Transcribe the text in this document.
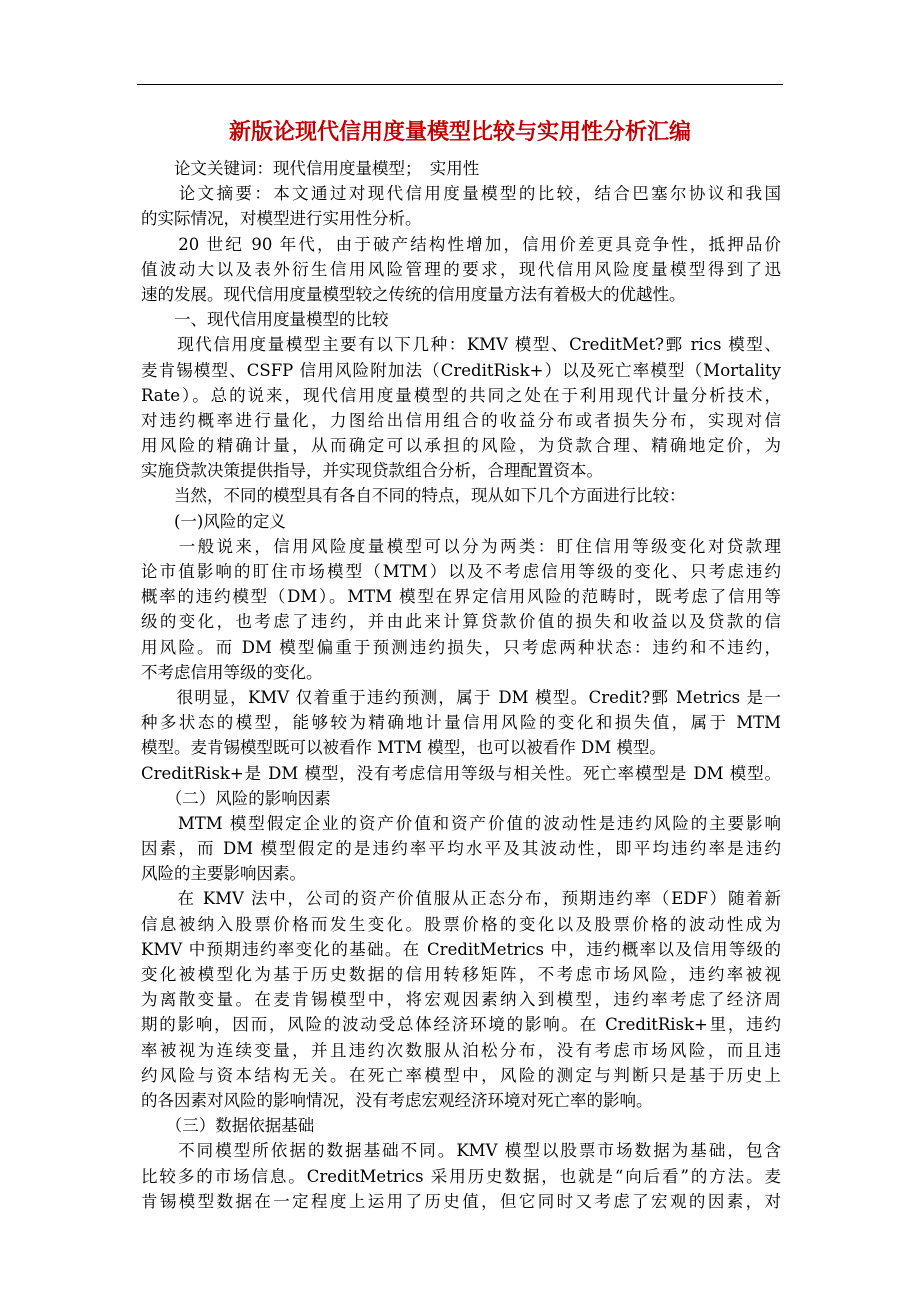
新版论现代信用度量模型比较与实用性分析汇编
　　论文关键词：现代信用度量模型；　实用性
　　论文摘要：本文通过对现代信用度量模型的比较，结合巴塞尔协议和我国
的实际情况，对模型进行实用性分析。
　　20 世纪 90 年代，由于破产结构性增加，信用价差更具竞争性，抵押品价
值波动大以及表外衍生信用风险管理的要求，现代信用风险度量模型得到了迅
速的发展。现代信用度量模型较之传统的信用度量方法有着极大的优越性。
　　一、现代信用度量模型的比较
　　现代信用度量模型主要有以下几种：KMV 模型、CreditMet?鄄 rics 模型、
麦肯锡模型、CSFP 信用风险附加法（CreditRisk+）以及死亡率模型（Mortality
Rate）。总的说来，现代信用度量模型的共同之处在于利用现代计量分析技术，
对违约概率进行量化，力图给出信用组合的收益分布或者损失分布，实现对信
用风险的精确计量，从而确定可以承担的风险，为贷款合理、精确地定价，为
实施贷款决策提供指导，并实现贷款组合分析，合理配置资本。
　　当然，不同的模型具有各自不同的特点，现从如下几个方面进行比较：
　　(一)风险的定义
　　一般说来，信用风险度量模型可以分为两类：盯住信用等级变化对贷款理
论市值影响的盯住市场模型（MTM）以及不考虑信用等级的变化、只考虑违约
概率的违约模型（DM）。MTM 模型在界定信用风险的范畴时，既考虑了信用等
级的变化，也考虑了违约，并由此来计算贷款价值的损失和收益以及贷款的信
用风险。而 DM 模型偏重于预测违约损失，只考虑两种状态：违约和不违约，
不考虑信用等级的变化。
　　很明显，KMV 仅着重于违约预测，属于 DM 模型。Credit?鄄 Metrics 是一
种多状态的模型，能够较为精确地计量信用风险的变化和损失值，属于 MTM
模型。麦肯锡模型既可以被看作 MTM 模型，也可以被看作 DM 模型。
CreditRisk+是 DM 模型，没有考虑信用等级与相关性。死亡率模型是 DM 模型。
　　（二）风险的影响因素
　　MTM 模型假定企业的资产价值和资产价值的波动性是违约风险的主要影响
因素，而 DM 模型假定的是违约率平均水平及其波动性，即平均违约率是违约
风险的主要影响因素。
　　在 KMV 法中，公司的资产价值服从正态分布，预期违约率（EDF）随着新
信息被纳入股票价格而发生变化。股票价格的变化以及股票价格的波动性成为
KMV 中预期违约率变化的基础。在 CreditMetrics 中，违约概率以及信用等级的
变化被模型化为基于历史数据的信用转移矩阵，不考虑市场风险，违约率被视
为离散变量。在麦肯锡模型中，将宏观因素纳入到模型，违约率考虑了经济周
期的影响，因而，风险的波动受总体经济环境的影响。在 CreditRisk+里，违约
率被视为连续变量，并且违约次数服从泊松分布，没有考虑市场风险，而且违
约风险与资本结构无关。在死亡率模型中，风险的测定与判断只是基于历史上
的各因素对风险的影响情况，没有考虑宏观经济环境对死亡率的影响。
　　（三）数据依据基础
　　不同模型所依据的数据基础不同。KMV 模型以股票市场数据为基础，包含
比较多的市场信息。CreditMetrics 采用历史数据，也就是“向后看”的方法。麦
肯锡模型数据在一定程度上运用了历史值，但它同时又考虑了宏观的因素，对
